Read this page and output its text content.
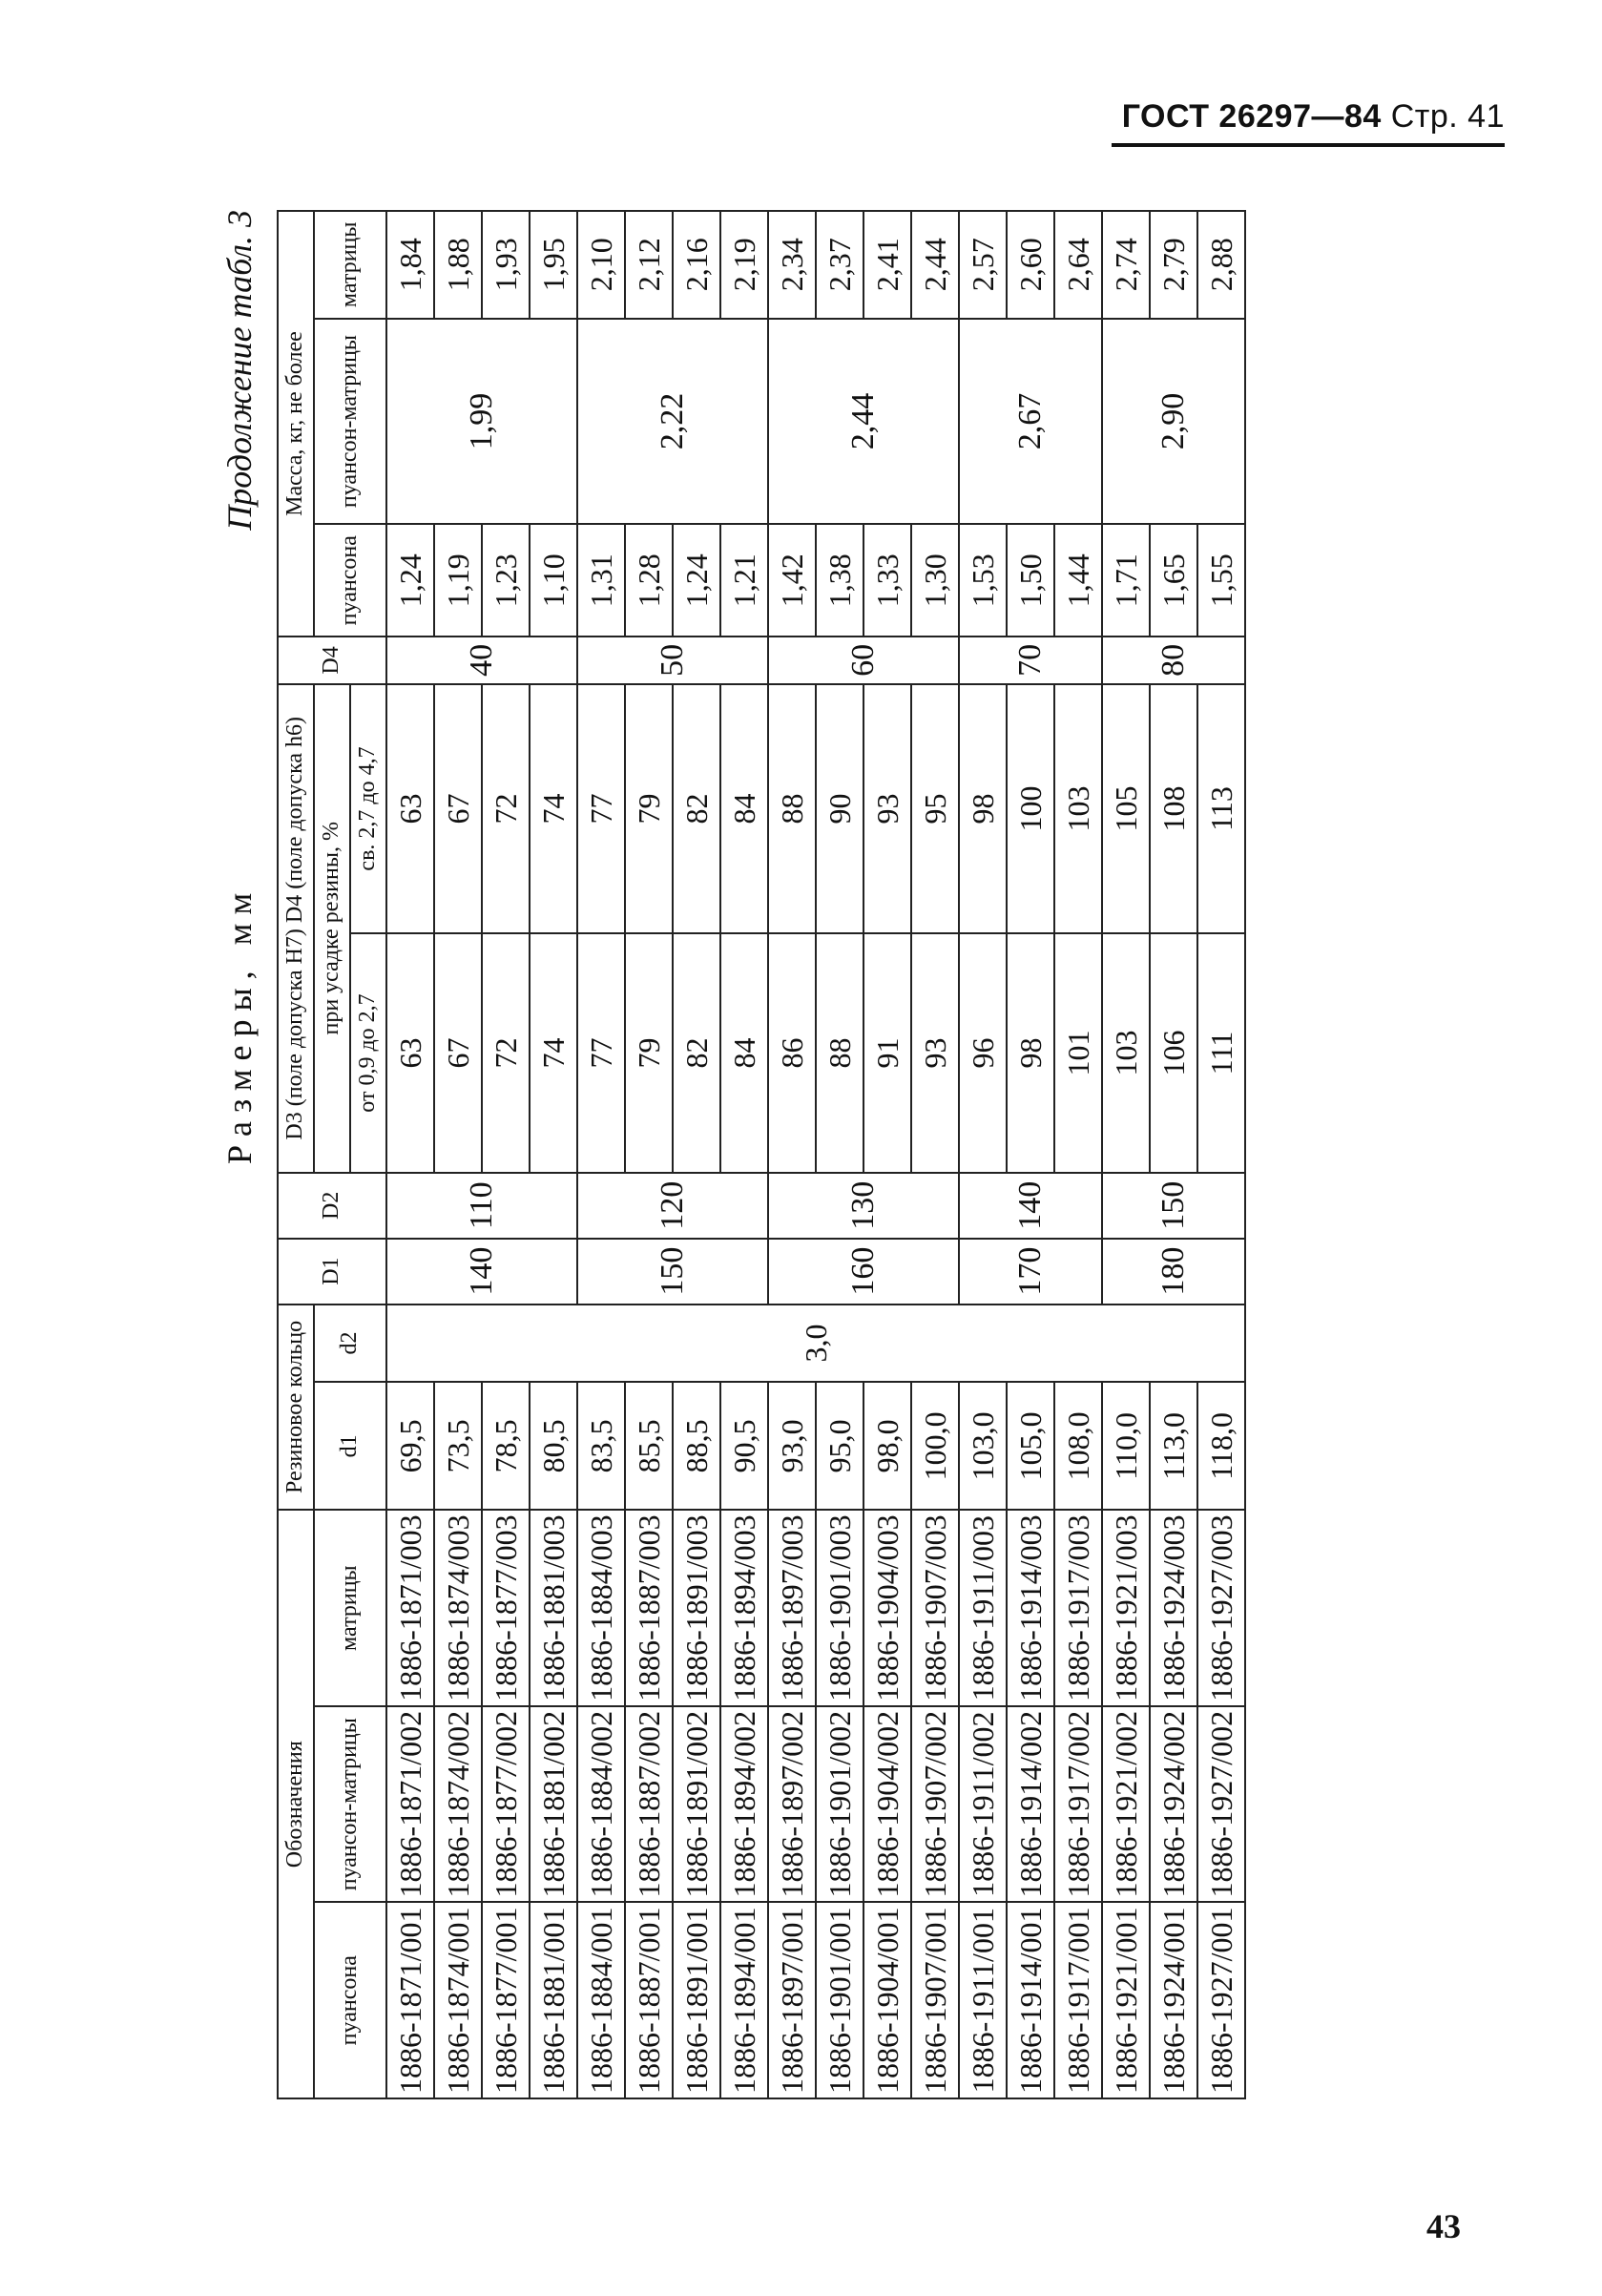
ГОСТ 26297—84 Стр. 41
Размеры, мм
Продолжение табл. 3
Обозначения			Резиновое кольцо		D1	D2	D3 (поле допуска H7) D4 (поле допуска h6)		D4	Масса, кг, не более		
пуансона	пуансон-матрицы	матрицы	d1	d2			при усадке резины, %			пуансона	пуансон-матрицы	матрицы
							от 0,9 до 2,7	св. 2,7 до 4,7				
1886-1871/001	1886-1871/002	1886-1871/003	69,5	3,0	140	110	63	63	40	1,24	1,99	1,84
1886-1874/001	1886-1874/002	1886-1874/003	73,5				67	67		1,19		1,88
1886-1877/001	1886-1877/002	1886-1877/003	78,5				72	72		1,23		1,93
1886-1881/001	1886-1881/002	1886-1881/003	80,5				74	74		1,10		1,95
1886-1884/001	1886-1884/002	1886-1884/003	83,5		150	120	77	77	50	1,31	2,22	2,10
1886-1887/001	1886-1887/002	1886-1887/003	85,5				79	79		1,28		2,12
1886-1891/001	1886-1891/002	1886-1891/003	88,5				82	82		1,24		2,16
1886-1894/001	1886-1894/002	1886-1894/003	90,5				84	84		1,21		2,19
1886-1897/001	1886-1897/002	1886-1897/003	93,0		160	130	86	88	60	1,42	2,44	2,34
1886-1901/001	1886-1901/002	1886-1901/003	95,0				88	90		1,38		2,37
1886-1904/001	1886-1904/002	1886-1904/003	98,0				91	93		1,33		2,41
1886-1907/001	1886-1907/002	1886-1907/003	100,0				93	95		1,30		2,44
1886-1911/001	1886-1911/002	1886-1911/003	103,0		170	140	96	98	70	1,53	2,67	2,57
1886-1914/001	1886-1914/002	1886-1914/003	105,0				98	100		1,50		2,60
1886-1917/001	1886-1917/002	1886-1917/003	108,0				101	103		1,44		2,64
1886-1921/001	1886-1921/002	1886-1921/003	110,0		180	150	103	105	80	1,71	2,90	2,74
1886-1924/001	1886-1924/002	1886-1924/003	113,0				106	108		1,65		2,79
1886-1927/001	1886-1927/002	1886-1927/003	118,0				111	113		1,55		2,88
43
